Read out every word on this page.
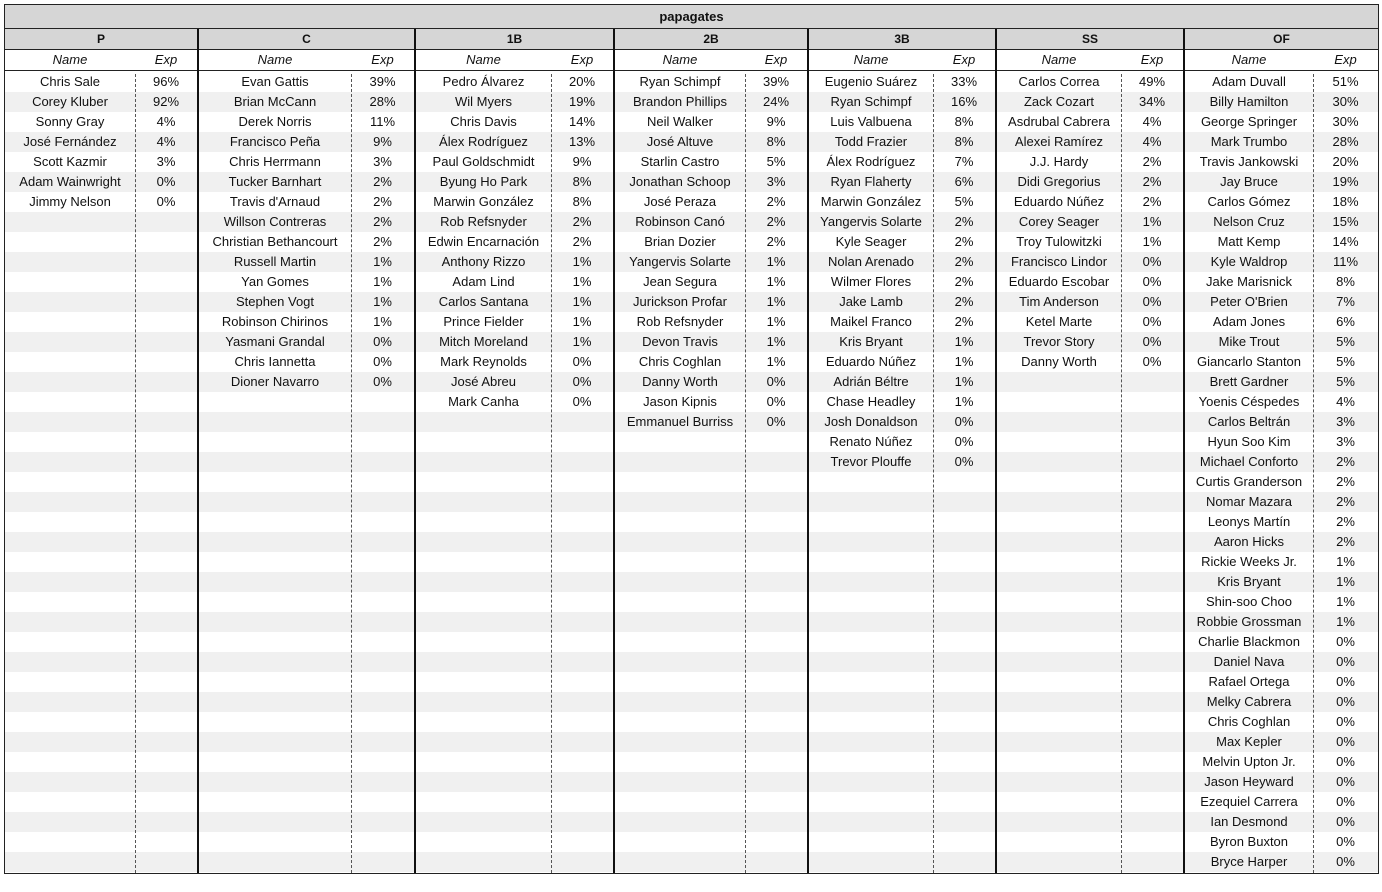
papagates
P
Name	Exp
Chris Sale	96%
Corey Kluber	92%
Sonny Gray	4%
José Fernández	4%
Scott Kazmir	3%
Adam Wainwright	0%
Jimmy Nelson	0%
C
Name	Exp
Evan Gattis	39%
Brian McCann	28%
Derek Norris	11%
Francisco Peña	9%
Chris Herrmann	3%
Tucker Barnhart	2%
Travis d'Arnaud	2%
Willson Contreras	2%
Christian Bethancourt	2%
Russell Martin	1%
Yan Gomes	1%
Stephen Vogt	1%
Robinson Chirinos	1%
Yasmani Grandal	0%
Chris Iannetta	0%
Dioner Navarro	0%
1B
Name	Exp
Pedro Álvarez	20%
Wil Myers	19%
Chris Davis	14%
Álex Rodríguez	13%
Paul Goldschmidt	9%
Byung Ho Park	8%
Marwin González	8%
Rob Refsnyder	2%
Edwin Encarnación	2%
Anthony Rizzo	1%
Adam Lind	1%
Carlos Santana	1%
Prince Fielder	1%
Mitch Moreland	1%
Mark Reynolds	0%
José Abreu	0%
Mark Canha	0%
2B
Name	Exp
Ryan Schimpf	39%
Brandon Phillips	24%
Neil Walker	9%
José Altuve	8%
Starlin Castro	5%
Jonathan Schoop	3%
José Peraza	2%
Robinson Canó	2%
Brian Dozier	2%
Yangervis Solarte	1%
Jean Segura	1%
Jurickson Profar	1%
Rob Refsnyder	1%
Devon Travis	1%
Chris Coghlan	1%
Danny Worth	0%
Jason Kipnis	0%
Emmanuel Burriss	0%
3B
Name	Exp
Eugenio Suárez	33%
Ryan Schimpf	16%
Luis Valbuena	8%
Todd Frazier	8%
Álex Rodríguez	7%
Ryan Flaherty	6%
Marwin González	5%
Yangervis Solarte	2%
Kyle Seager	2%
Nolan Arenado	2%
Wilmer Flores	2%
Jake Lamb	2%
Maikel Franco	2%
Kris Bryant	1%
Eduardo Núñez	1%
Adrián Béltre	1%
Chase Headley	1%
Josh Donaldson	0%
Renato Núñez	0%
Trevor Plouffe	0%
SS
Name	Exp
Carlos Correa	49%
Zack Cozart	34%
Asdrubal Cabrera	4%
Alexei Ramírez	4%
J.J. Hardy	2%
Didi Gregorius	2%
Eduardo Núñez	2%
Corey Seager	1%
Troy Tulowitzki	1%
Francisco Lindor	0%
Eduardo Escobar	0%
Tim Anderson	0%
Ketel Marte	0%
Trevor Story	0%
Danny Worth	0%
OF
Name	Exp
Adam Duvall	51%
Billy Hamilton	30%
George Springer	30%
Mark Trumbo	28%
Travis Jankowski	20%
Jay Bruce	19%
Carlos Gómez	18%
Nelson Cruz	15%
Matt Kemp	14%
Kyle Waldrop	11%
Jake Marisnick	8%
Peter O'Brien	7%
Adam Jones	6%
Mike Trout	5%
Giancarlo Stanton	5%
Brett Gardner	5%
Yoenis Céspedes	4%
Carlos Beltrán	3%
Hyun Soo Kim	3%
Michael Conforto	2%
Curtis Granderson	2%
Nomar Mazara	2%
Leonys Martín	2%
Aaron Hicks	2%
Rickie Weeks Jr.	1%
Kris Bryant	1%
Shin-soo Choo	1%
Robbie Grossman	1%
Charlie Blackmon	0%
Daniel Nava	0%
Rafael Ortega	0%
Melky Cabrera	0%
Chris Coghlan	0%
Max Kepler	0%
Melvin Upton Jr.	0%
Jason Heyward	0%
Ezequiel Carrera	0%
Ian Desmond	0%
Byron Buxton	0%
Bryce Harper	0%
